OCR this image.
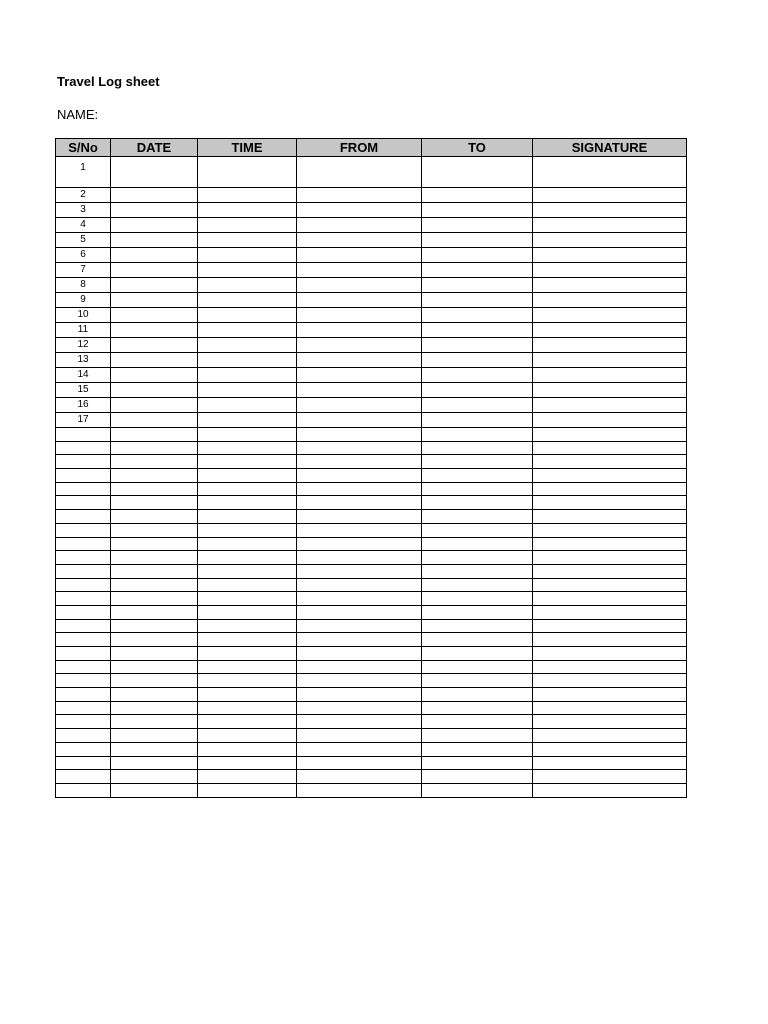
Travel Log sheet
NAME:
S/No	DATE	TIME	FROM	TO	SIGNATURE
1					
2					
3					
4					
5					
6					
7					
8					
9					
10					
11					
12					
13					
14					
15					
16					
17					
